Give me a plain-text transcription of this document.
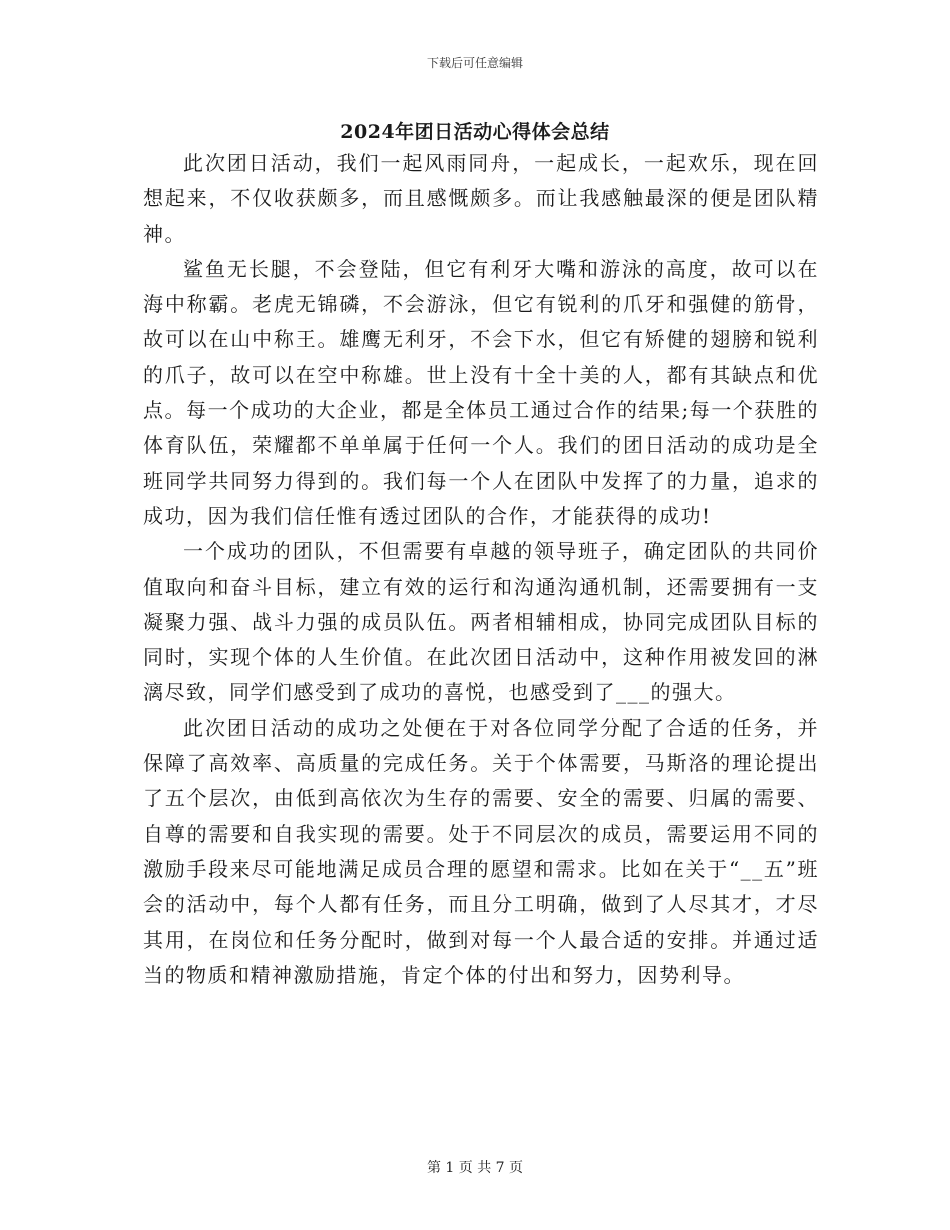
下载后可任意编辑
2024年团日活动心得体会总结

此次团日活动，我们一起风雨同舟，一起成长，一起欢乐，现在回想起来，不仅收获颇多，而且感慨颇多。而让我感触最深的便是团队精神。

鲨鱼无长腿，不会登陆，但它有利牙大嘴和游泳的高度，故可以在海中称霸。老虎无锦磷，不会游泳，但它有锐利的爪牙和强健的筋骨，故可以在山中称王。雄鹰无利牙，不会下水，但它有矫健的翅膀和锐利的爪子，故可以在空中称雄。世上没有十全十美的人，都有其缺点和优点。每一个成功的大企业，都是全体员工通过合作的结果;每一个获胜的体育队伍，荣耀都不单单属于任何一个人。我们的团日活动的成功是全班同学共同努力得到的。我们每一个人在团队中发挥了的力量，追求的成功，因为我们信任惟有透过团队的合作，才能获得的成功!

一个成功的团队，不但需要有卓越的领导班子，确定团队的共同价值取向和奋斗目标，建立有效的运行和沟通沟通机制，还需要拥有一支凝聚力强、战斗力强的成员队伍。两者相辅相成，协同完成团队目标的同时，实现个体的人生价值。在此次团日活动中，这种作用被发回的淋漓尽致，同学们感受到了成功的喜悦，也感受到了___的强大。

此次团日活动的成功之处便在于对各位同学分配了合适的任务，并保障了高效率、高质量的完成任务。关于个体需要，马斯洛的理论提出了五个层次，由低到高依次为生存的需要、安全的需要、归属的需要、自尊的需要和自我实现的需要。处于不同层次的成员，需要运用不同的激励手段来尽可能地满足成员合理的愿望和需求。比如在关于“__五”班会的活动中，每个人都有任务，而且分工明确，做到了人尽其才，才尽其用，在岗位和任务分配时，做到对每一个人最合适的安排。并通过适当的物质和精神激励措施，肯定个体的付出和努力，因势利导。

第 1 页 共 7 页
